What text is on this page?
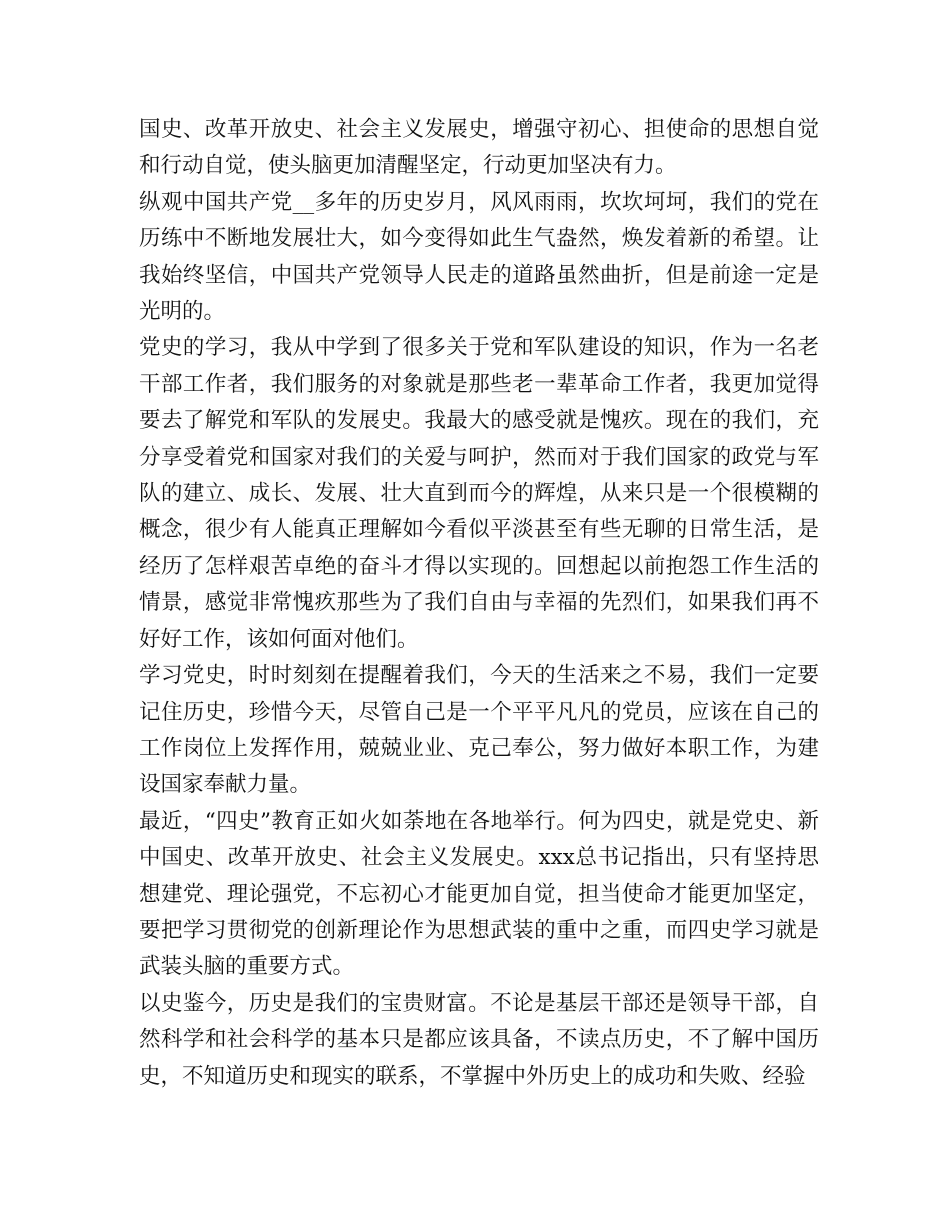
国史、改革开放史、社会主义发展史，增强守初心、担使命的思想自觉和行动自觉，使头脑更加清醒坚定，行动更加坚决有力。

纵观中国共产党__多年的历史岁月，风风雨雨，坎坎坷坷，我们的党在历练中不断地发展壮大，如今变得如此生气盎然，焕发着新的希望。让我始终坚信，中国共产党领导人民走的道路虽然曲折，但是前途一定是光明的。

党史的学习，我从中学到了很多关于党和军队建设的知识，作为一名老干部工作者，我们服务的对象就是那些老一辈革命工作者，我更加觉得要去了解党和军队的发展史。我最大的感受就是愧疚。现在的我们，充分享受着党和国家对我们的关爱与呵护，然而对于我们国家的政党与军队的建立、成长、发展、壮大直到而今的辉煌，从来只是一个很模糊的概念，很少有人能真正理解如今看似平淡甚至有些无聊的日常生活，是经历了怎样艰苦卓绝的奋斗才得以实现的。回想起以前抱怨工作生活的情景，感觉非常愧疚那些为了我们自由与幸福的先烈们，如果我们再不好好工作，该如何面对他们。

学习党史，时时刻刻在提醒着我们，今天的生活来之不易，我们一定要记住历史，珍惜今天，尽管自己是一个平平凡凡的党员，应该在自己的工作岗位上发挥作用，兢兢业业、克己奉公，努力做好本职工作，为建设国家奉献力量。

最近，“四史”教育正如火如荼地在各地举行。何为四史，就是党史、新中国史、改革开放史、社会主义发展史。xxx总书记指出，只有坚持思想建党、理论强党，不忘初心才能更加自觉，担当使命才能更加坚定，要把学习贯彻党的创新理论作为思想武装的重中之重，而四史学习就是武装头脑的重要方式。

以史鉴今，历史是我们的宝贵财富。不论是基层干部还是领导干部，自然科学和社会科学的基本只是都应该具备，不读点历史，不了解中国历史，不知道历史和现实的联系，不掌握中外历史上的成功和失败、经验
